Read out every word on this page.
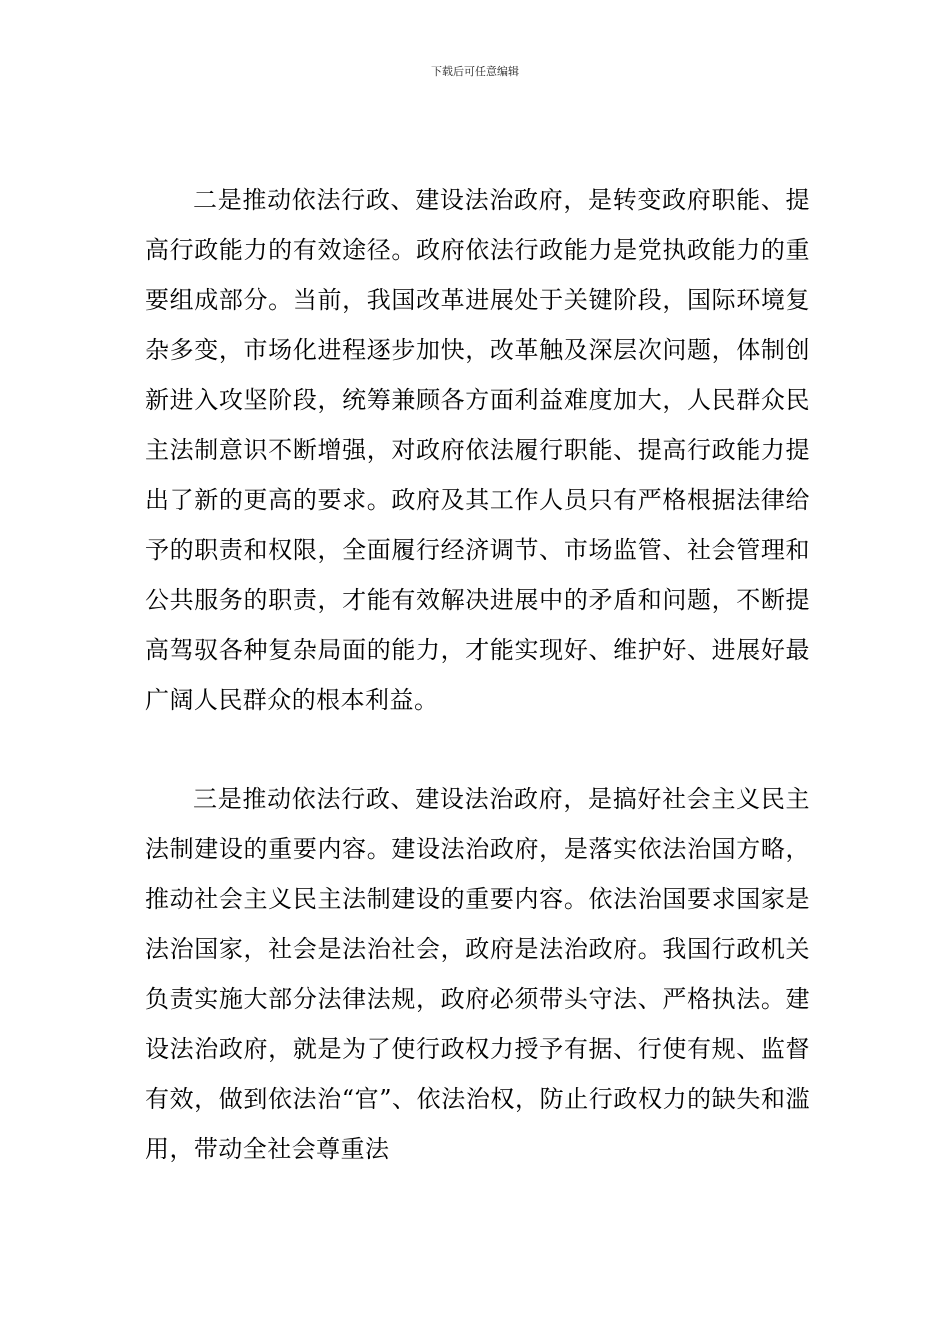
下载后可任意编辑

二是推动依法行政、建设法治政府，是转变政府职能、提高行政能力的有效途径。政府依法行政能力是党执政能力的重要组成部分。当前，我国改革进展处于关键阶段，国际环境复杂多变，市场化进程逐步加快，改革触及深层次问题，体制创新进入攻坚阶段，统筹兼顾各方面利益难度加大，人民群众民主法制意识不断增强，对政府依法履行职能、提高行政能力提出了新的更高的要求。政府及其工作人员只有严格根据法律给予的职责和权限，全面履行经济调节、市场监管、社会管理和公共服务的职责，才能有效解决进展中的矛盾和问题，不断提高驾驭各种复杂局面的能力，才能实现好、维护好、进展好最广阔人民群众的根本利益。

三是推动依法行政、建设法治政府，是搞好社会主义民主法制建设的重要内容。建设法治政府，是落实依法治国方略，推动社会主义民主法制建设的重要内容。依法治国要求国家是法治国家，社会是法治社会，政府是法治政府。我国行政机关负责实施大部分法律法规，政府必须带头守法、严格执法。建设法治政府，就是为了使行政权力授予有据、行使有规、监督有效，做到依法治“官”、依法治权，防止行政权力的缺失和滥用，带动全社会尊重法
